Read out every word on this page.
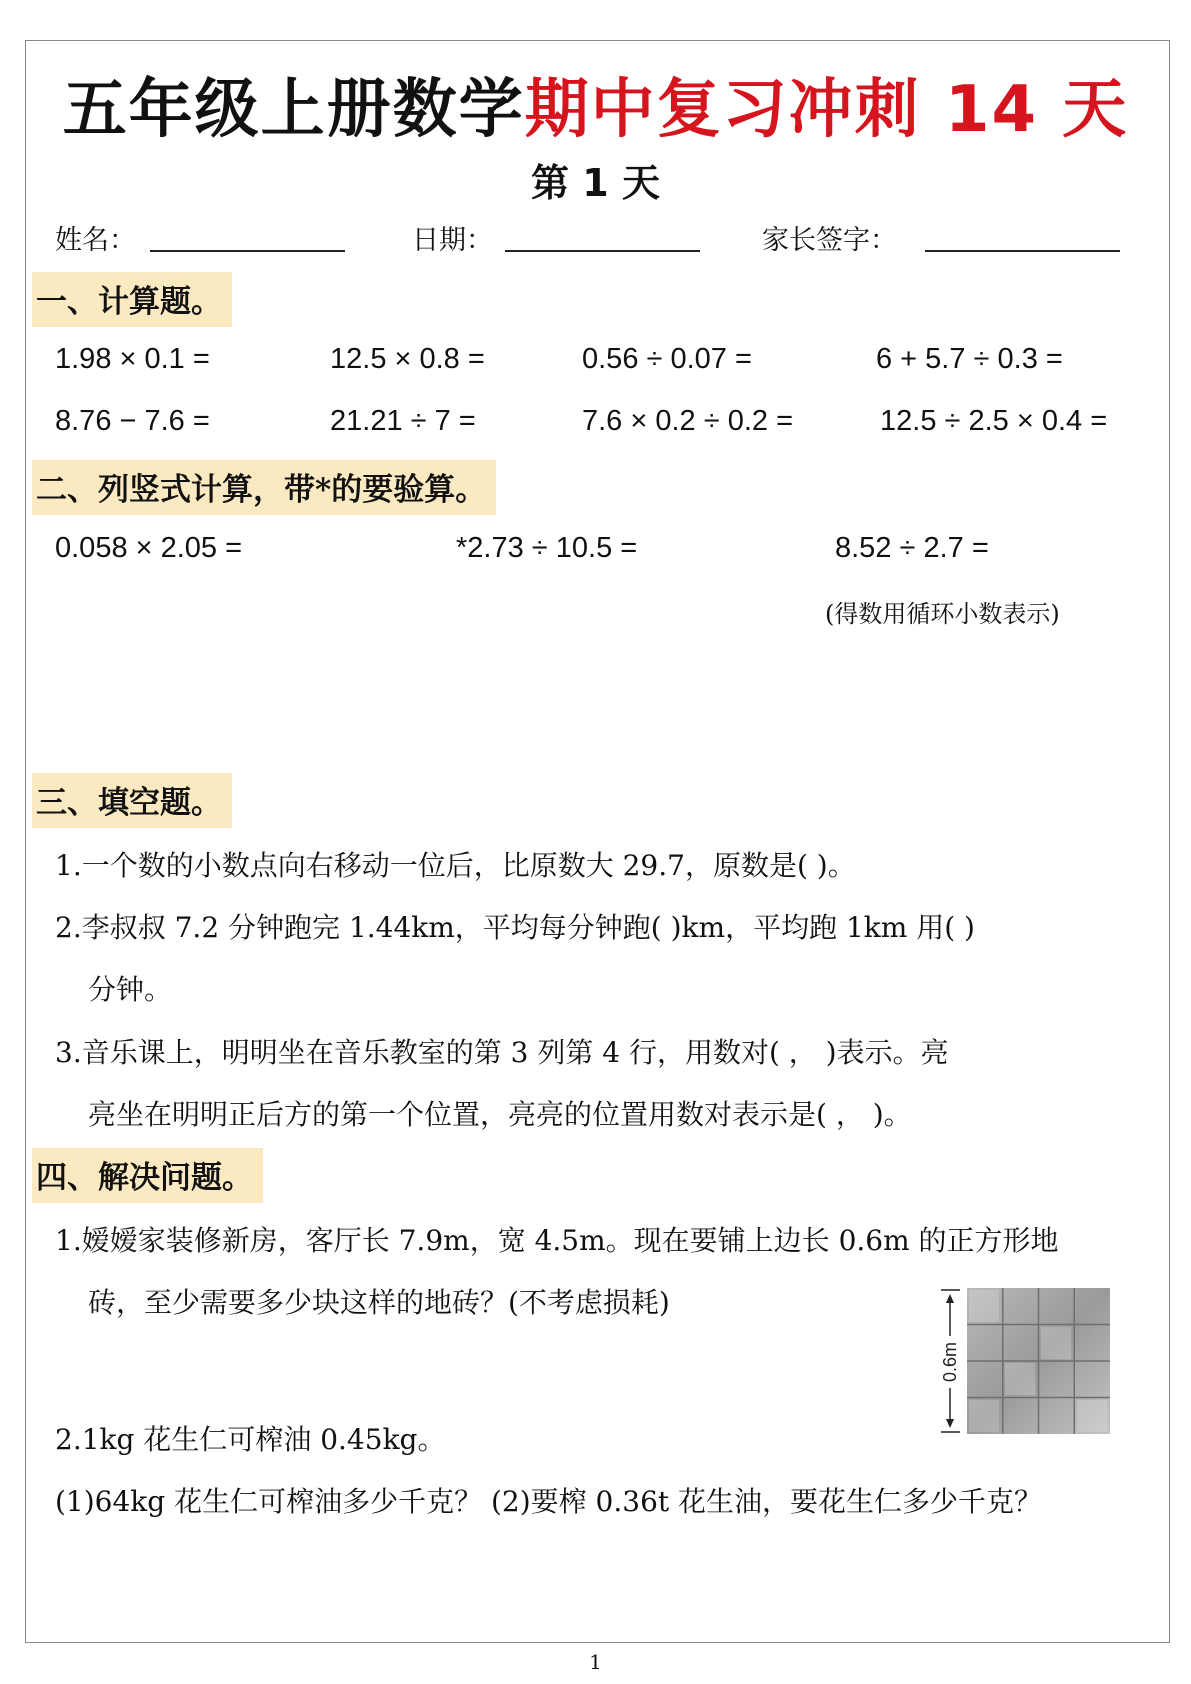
五年级上册数学期中复习冲刺 14 天
第 1 天
姓名：	日期：	家长签字：
一、计算题。
1.98 × 0.1 =	12.5 × 0.8 =	0.56 ÷ 0.07 =	6 + 5.7 ÷ 0.3 =
8.76 − 7.6 =	21.21 ÷ 7 =	7.6 × 0.2 ÷ 0.2 =	12.5 ÷ 2.5 × 0.4 =
二、列竖式计算，带*的要验算。
0.058 × 2.05 =	*2.73 ÷ 10.5 =	8.52 ÷ 2.7 =
(得数用循环小数表示)
三、填空题。
1.一个数的小数点向右移动一位后，比原数大 29.7，原数是( )。
2.李叔叔 7.2 分钟跑完 1.44km，平均每分钟跑( )km，平均跑 1km 用( )
分钟。
3.音乐课上，明明坐在音乐教室的第 3 列第 4 行，用数对( ， )表示。亮
亮坐在明明正后方的第一个位置，亮亮的位置用数对表示是( ， )。
四、解决问题。
1.嫒嫒家装修新房，客厅长 7.9m，宽 4.5m。现在要铺上边长 0.6m 的正方形地
砖，至少需要多少块这样的地砖？(不考虑损耗)
0.6m
2.1kg 花生仁可榨油 0.45kg。
(1)64kg 花生仁可榨油多少千克？ (2)要榨 0.36t 花生油，要花生仁多少千克？
1
